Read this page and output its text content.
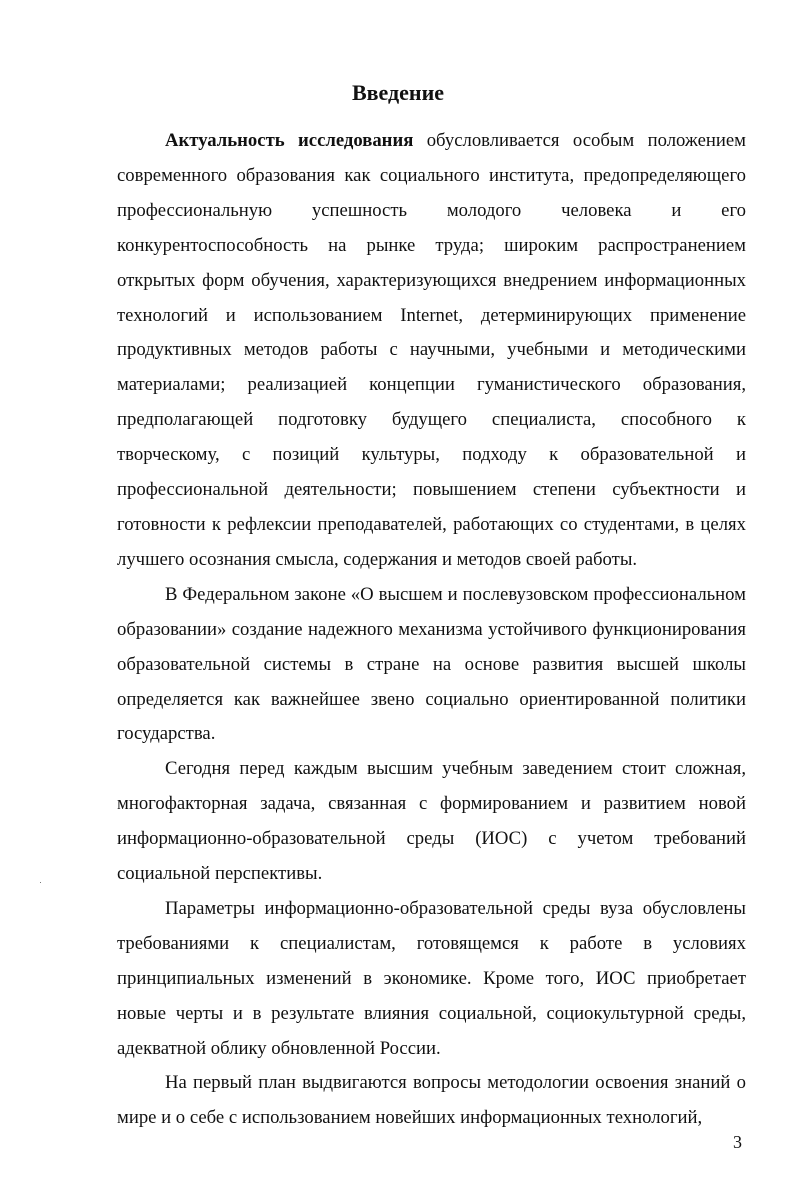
Введение

Актуальность исследования обусловливается особым положением современного образования как социального института, предопределяющего профессиональную успешность молодого человека и его конкурентоспособность на рынке труда; широким распространением открытых форм обучения, характеризующихся внедрением информационных технологий и использованием Internet, детерминирующих применение продуктивных методов работы с научными, учебными и методическими материалами; реализацией концепции гуманистического образования, предполагающей подготовку будущего специалиста, способного к творческому, с позиций культуры, подходу к образовательной и профессиональной деятельности; повышением степени субъектности и готовности к рефлексии преподавателей, работающих со студентами, в целях лучшего осознания смысла, содержания и методов своей работы.

В Федеральном законе «О высшем и послевузовском профессиональном образовании» создание надежного механизма устойчивого функционирования образовательной системы в стране на основе развития высшей школы определяется как важнейшее звено социально ориентированной политики государства.

Сегодня перед каждым высшим учебным заведением стоит сложная, многофакторная задача, связанная с формированием и развитием новой информационно-образовательной среды (ИОС) с учетом требований социальной перспективы.

Параметры информационно-образовательной среды вуза обусловлены требованиями к специалистам, готовящемся к работе в условиях принципиальных изменений в экономике. Кроме того, ИОС приобретает новые черты и в результате влияния социальной, социокультурной среды, адекватной облику обновленной России.

На первый план выдвигаются вопросы методологии освоения знаний о мире и о себе с использованием новейших информационных технологий,

3
